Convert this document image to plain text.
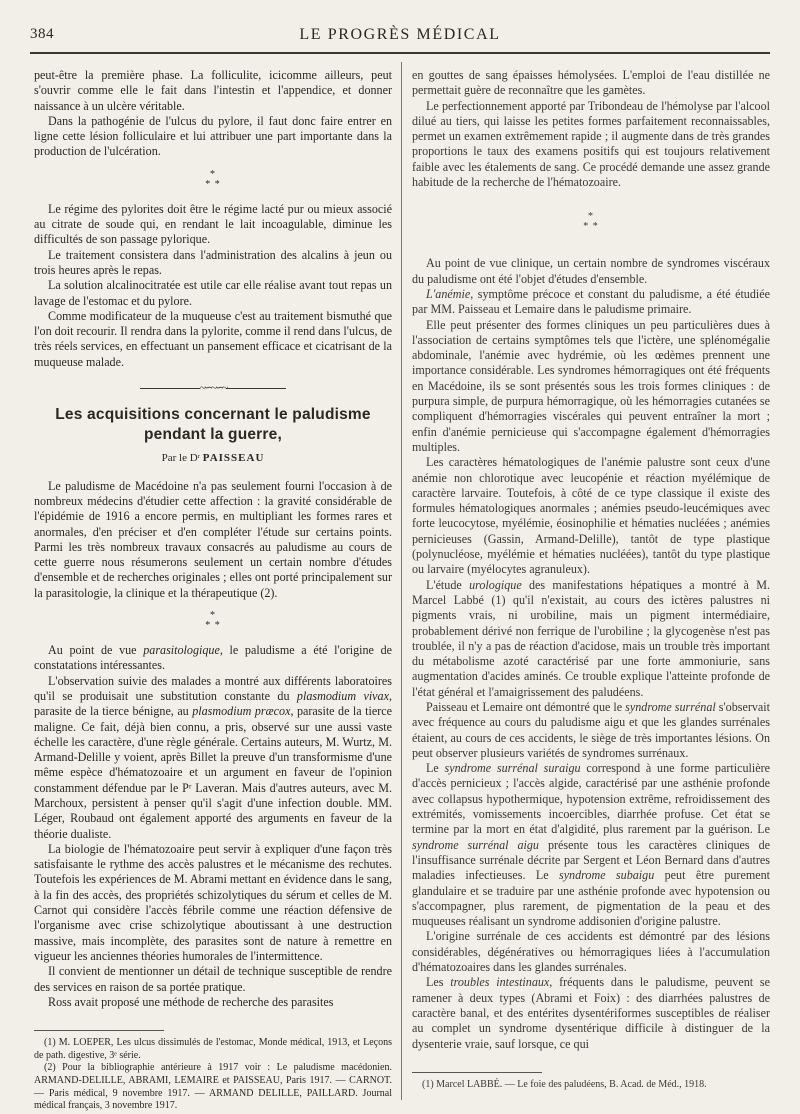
384	LE PROGRÈS MÉDICAL

peut-être la première phase. La folliculite, icicomme ailleurs, peut s'ouvrir comme elle le fait dans l'intestin et l'appendice, et donner naissance à un ulcère véritable.

Dans la pathogénie de l'ulcus du pylore, il faut donc faire entrer en ligne cette lésion folliculaire et lui attribuer une part importante dans la production de l'ulcération.

*
* *

Le régime des pylorites doit être le régime lacté pur ou mieux associé au citrate de soude qui, en rendant le lait incoagulable, diminue les difficultés de son passage pylorique.

Le traitement consistera dans l'administration des alcalins à jeun ou trois heures après le repas.

La solution alcalinocitratée est utile car elle réalise avant tout repas un lavage de l'estomac et du pylore.

Comme modificateur de la muqueuse c'est au traitement bismuthé que l'on doit recourir. Il rendra dans la pylorite, comme il rend dans l'ulcus, de très réels services, en effectuant un pansement efficace et cicatrisant de la muqueuse malade.

~∽~∽~
Les acquisitions concernant le paludisme pendant la guerre,
Par le Dʳ PAISSEAU

Le paludisme de Macédoine n'a pas seulement fourni l'occasion à de nombreux médecins d'étudier cette affection : la gravité considérable de l'épidémie de 1916 a encore permis, en multipliant les formes rares et anormales, d'en préciser et d'en compléter l'étude sur certains points. Parmi les très nombreux travaux consacrés au paludisme au cours de cette guerre nous résumerons seulement un certain nombre d'études d'ensemble et de recherches originales ; elles ont porté principalement sur la parasitologie, la clinique et la thérapeutique (2).

*
* *

Au point de vue parasitologique, le paludisme a été l'origine de constatations intéressantes.

L'observation suivie des malades a montré aux différents laboratoires qu'il se produisait une substitution constante du plasmodium vivax, parasite de la tierce bénigne, au plasmodium præcox, parasite de la tierce maligne. Ce fait, déjà bien connu, a pris, observé sur une aussi vaste échelle les caractère, d'une règle générale. Certains auteurs, M. Wurtz, M. Armand-Delille y voient, après Billet la preuve d'un transformisme d'une même espèce d'hématozoaire et un argument en faveur de l'opinion constamment défendue par le Pʳ Laveran. Mais d'autres auteurs, avec M. Marchoux, persistent à penser qu'il s'agit d'une infection double. MM. Léger, Roubaud ont également apporté des arguments en faveur de la théorie dualiste.

La biologie de l'hématozoaire peut servir à expliquer d'une façon très satisfaisante le rythme des accès palustres et le mécanisme des rechutes. Toutefois les expériences de M. Abrami mettant en évidence dans le sang, à la fin des accès, des propriétés schizolytiques du sérum et celles de M. Carnot qui considère l'accès fébrile comme une réaction défensive de l'organisme avec crise schizolytique aboutissant à une destruction massive, mais incomplète, des parasites sont de nature à remettre en vigueur les anciennes théories humorales de l'intermittence.

Il convient de mentionner un détail de technique susceptible de rendre des services en raison de sa portée pratique.

Ross avait proposé une méthode de recherche des parasites

(1) M. LOEPER, Les ulcus dissimulés de l'estomac, Monde médical, 1913, et Leçons de path. digestive, 3ᵉ série.

(2) Pour la bibliographie antérieure à 1917 voir : Le paludisme macédonien. ARMAND-DELILLE, ABRAMI, LEMAIRE et PAISSEAU, Paris 1917. — CARNOT. — Paris médical, 9 novembre 1917. — ARMAND DELILLE, PAILLARD. Journal médical français, 3 novembre 1917.

en gouttes de sang épaisses hémolysées. L'emploi de l'eau distillée ne permettait guère de reconnaître que les gamètes.

Le perfectionnement apporté par Tribondeau de l'hémolyse par l'alcool dilué au tiers, qui laisse les petites formes parfaitement reconnaissables, permet un examen extrêmement rapide ; il augmente dans de très grandes proportions le taux des examens positifs qui est toujours relativement faible avec les étalements de sang. Ce procédé demande une assez grande habitude de la recherche de l'hématozoaire.

*
* *

Au point de vue clinique, un certain nombre de syndromes viscéraux du paludisme ont été l'objet d'études d'ensemble.

L'anémie, symptôme précoce et constant du paludisme, a été étudiée par MM. Paisseau et Lemaire dans le paludisme primaire.

Elle peut présenter des formes cliniques un peu particulières dues à l'association de certains symptômes tels que l'ictère, une splénomégalie abdominale, l'anémie avec hydrémie, où les œdèmes prennent une importance considérable. Les syndromes hémorragiques ont été fréquents en Macédoine, ils se sont présentés sous les trois formes cliniques : de purpura simple, de purpura hémorragique, où les hémorragies cutanées se compliquent d'hémorragies viscérales qui peuvent entraîner la mort ; enfin d'anémie pernicieuse qui s'accompagne également d'hémorragies multiples.

Les caractères hématologiques de l'anémie palustre sont ceux d'une anémie non chlorotique avec leucopénie et réaction myélémique de caractère larvaire. Toutefois, à côté de ce type classique il existe des formules hématologiques anormales ; anémies pseudo-leucémiques avec forte leucocytose, myélémie, éosinophilie et hématies nucléées ; anémies pernicieuses (Gassin, Armand-Delille), tantôt de type plastique (polynucléose, myélémie et hématies nucléées), tantôt du type plastique ou larvaire (myélocytes agranuleux).

L'étude urologique des manifestations hépatiques a montré à M. Marcel Labbé (1) qu'il n'existait, au cours des ictères palustres ni pigments vrais, ni urobiline, mais un pigment intermédiaire, probablement dérivé non ferrique de l'urobiline ; la glycogenèse n'est pas troublée, il n'y a pas de réaction d'acidose, mais un trouble très important du métabolisme azoté caractérisé par une forte ammoniurie, sans augmentation d'acides aminés. Ce trouble explique l'atteinte profonde de l'état général et l'amaigrissement des paludéens.

Paisseau et Lemaire ont démontré que le syndrome surrénal s'observait avec fréquence au cours du paludisme aigu et que les glandes surrénales étaient, au cours de ces accidents, le siège de très importantes lésions. On peut observer plusieurs variétés de syndromes surrénaux.

Le syndrome surrénal suraigu correspond à une forme particulière d'accès pernicieux ; l'accès algide, caractérisé par une asthénie profonde avec collapsus hypothermique, hypotension extrême, refroidissement des extrémités, vomissements incoercibles, diarrhée profuse. Cet état se termine par la mort en état d'algidité, plus rarement par la guérison. Le syndrome surrénal aigu présente tous les caractères cliniques de l'insuffisance surrénale décrite par Sergent et Léon Bernard dans d'autres maladies infectieuses. Le syndrome subaigu peut être purement glandulaire et se traduire par une asthénie profonde avec hypotension ou s'accompagner, plus rarement, de pigmentation de la peau et des muqueuses réalisant un syndrome addisonien d'origine palustre.

L'origine surrénale de ces accidents est démontré par des lésions considérables, dégénératives ou hémorragiques liées à l'accumulation d'hématozoaires dans les glandes surrénales.

Les troubles intestinaux, fréquents dans le paludisme, peuvent se ramener à deux types (Abrami et Foix) : des diarrhées palustres de caractère banal, et des entérites dysentériformes susceptibles de réaliser au complet un syndrome dysentérique difficile à distinguer de la dysenterie vraie, sauf lorsque, ce qui

(1) Marcel LABBÉ. — Le foie des paludéens, B. Acad. de Méd., 1918.
